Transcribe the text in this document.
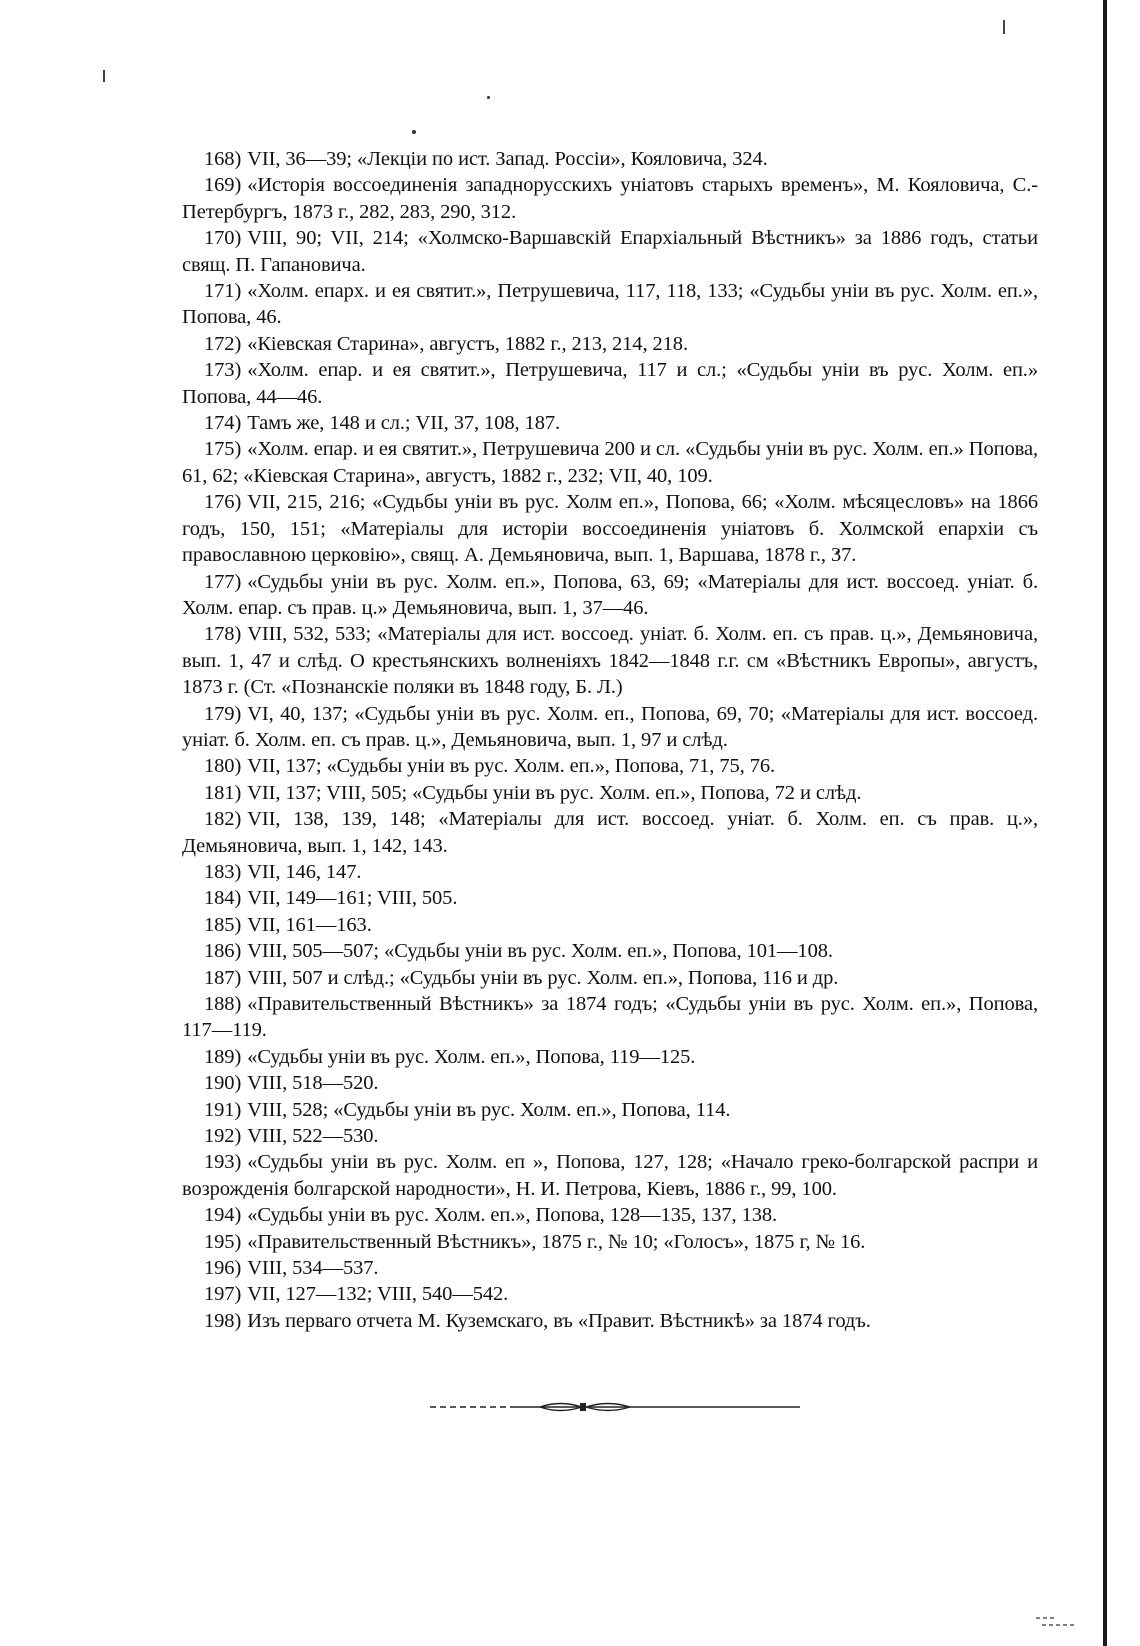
168) VII, 36—39; «Лекціи по ист. Запад. Россіи», Кояловича, 324.

169) «Исторія воссоединенія западнорусскихъ уніатовъ старыхъ временъ», М. Кояловича, С.-Петербургъ, 1873 г., 282, 283, 290, 312.

170) VIII, 90; VII, 214; «Холмско-Варшавскій Епархіальный Вѣстникъ» за 1886 годъ, статьи свящ. П. Гапановича.

171) «Холм. епарх. и ея святит.», Петрушевича, 117, 118, 133; «Судьбы уніи въ рус. Холм. еп.», Попова, 46.

172) «Кіевская Старина», августъ, 1882 г., 213, 214, 218.

173) «Холм. епар. и ея святит.», Петрушевича, 117 и сл.; «Судьбы уніи въ рус. Холм. еп.» Попова, 44—46.

174) Тамъ же, 148 и сл.; VII, 37, 108, 187.

175) «Холм. епар. и ея святит.», Петрушевича 200 и сл. «Судьбы уніи въ рус. Холм. еп.» Попова, 61, 62; «Кіевская Старина», августъ, 1882 г., 232; VII, 40, 109.

176) VII, 215, 216; «Судьбы уніи въ рус. Холм еп.», Попова, 66; «Холм. мѣсяцесловъ» на 1866 годъ, 150, 151; «Матеріалы для исторіи воссоединенія уніатовъ б. Холмской епархіи съ православною церковію», свящ. А. Демьяновича, вып. 1, Варшава, 1878 г., 37.

177) «Судьбы уніи въ рус. Холм. еп.», Попова, 63, 69; «Матеріалы для ист. воссоед. уніат. б. Холм. епар. съ прав. ц.» Демьяновича, вып. 1, 37—46.

178) VIII, 532, 533; «Матеріалы для ист. воссоед. уніат. б. Холм. еп. съ прав. ц.», Демьяновича, вып. 1, 47 и слѣд. О крестьянскихъ волненіяхъ 1842—1848 г.г. см «Вѣстникъ Европы», августъ, 1873 г. (Ст. «Познанскіе поляки въ 1848 году, Б. Л.)

179) VI, 40, 137; «Судьбы уніи въ рус. Холм. еп., Попова, 69, 70; «Матеріалы для ист. воссоед. уніат. б. Холм. еп. съ прав. ц.», Демьяновича, вып. 1, 97 и слѣд.

180) VII, 137; «Судьбы уніи въ рус. Холм. еп.», Попова, 71, 75, 76.

181) VII, 137; VIII, 505; «Судьбы уніи въ рус. Холм. еп.», Попова, 72 и слѣд.

182) VII, 138, 139, 148; «Матеріалы для ист. воссоед. уніат. б. Холм. еп. съ прав. ц.», Демьяновича, вып. 1, 142, 143.

183) VII, 146, 147.

184) VII, 149—161; VIII, 505.

185) VII, 161—163.

186) VIII, 505—507; «Судьбы уніи въ рус. Холм. еп.», Попова, 101—108.

187) VIII, 507 и слѣд.; «Судьбы уніи въ рус. Холм. еп.», Попова, 116 и др.

188) «Правительственный Вѣстникъ» за 1874 годъ; «Судьбы уніи въ рус. Холм. еп.», Попова, 117—119.

189) «Судьбы уніи въ рус. Холм. еп.», Попова, 119—125.

190) VIII, 518—520.

191) VIII, 528; «Судьбы уніи въ рус. Холм. еп.», Попова, 114.

192) VIII, 522—530.

193) «Судьбы уніи въ рус. Холм. еп », Попова, 127, 128; «Начало греко-болгарской распри и возрожденія болгарской народности», Н. И. Петрова, Кіевъ, 1886 г., 99, 100.

194) «Судьбы уніи въ рус. Холм. еп.», Попова, 128—135, 137, 138.

195) «Правительственный Вѣстникъ», 1875 г., № 10; «Голосъ», 1875 г, № 16.

196) VIII, 534—537.

197) VII, 127—132; VIII, 540—542.

198) Изъ перваго отчета М. Куземскаго, въ «Правит. Вѣстникѣ» за 1874 годъ.
